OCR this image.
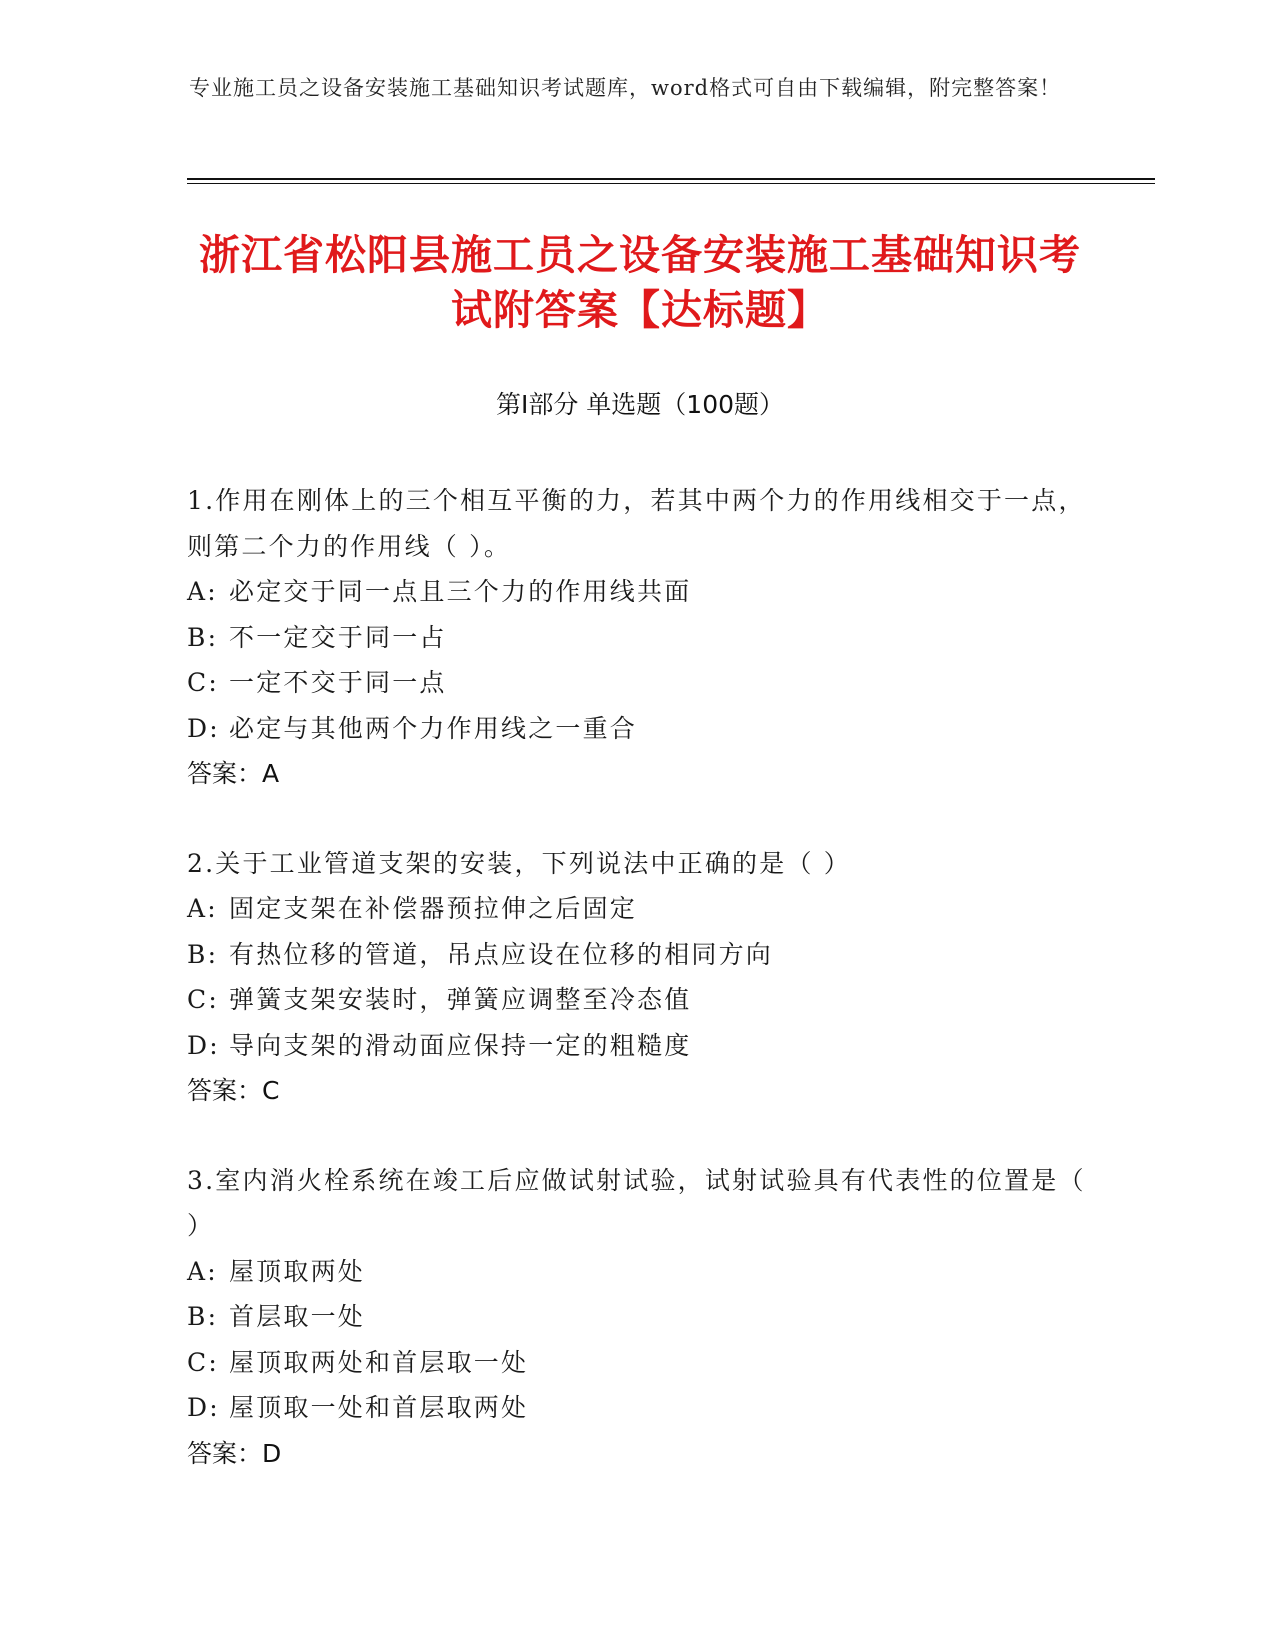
专业施工员之设备安装施工基础知识考试题库，word格式可自由下载编辑，附完整答案！
浙江省松阳县施工员之设备安装施工基础知识考试附答案【达标题】
第Ⅰ部分 单选题（100题）
1.作用在刚体上的三个相互平衡的力，若其中两个力的作用线相交于一点，则第二个力的作用线（ ）。
A: 必定交于同一点且三个力的作用线共面
B: 不一定交于同一占
C: 一定不交于同一点
D: 必定与其他两个力作用线之一重合
答案：A
2.关于工业管道支架的安装，下列说法中正确的是（ ）
A: 固定支架在补偿器预拉伸之后固定
B: 有热位移的管道，吊点应设在位移的相同方向
C: 弹簧支架安装时，弹簧应调整至冷态值
D: 导向支架的滑动面应保持一定的粗糙度
答案：C
3.室内消火栓系统在竣工后应做试射试验，试射试验具有代表性的位置是（ ）
A: 屋顶取两处
B: 首层取一处
C: 屋顶取两处和首层取一处
D: 屋顶取一处和首层取两处
答案：D
